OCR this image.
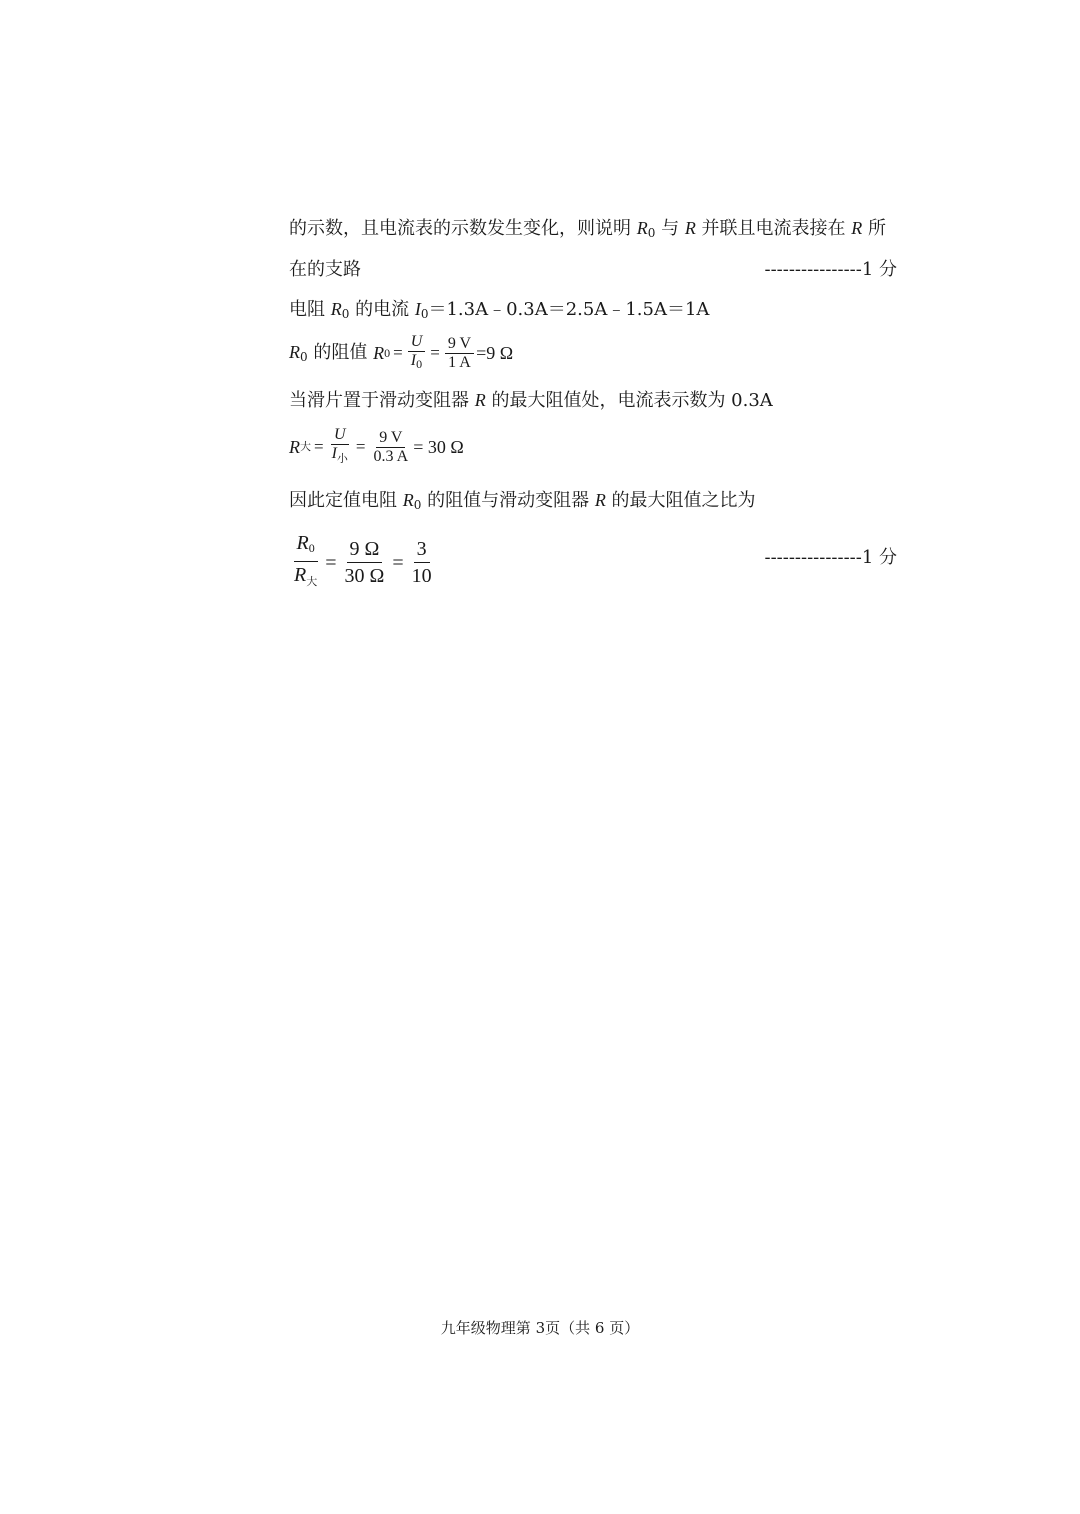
的示数，且电流表的示数发生变化，则说明 $R_0$ 与 R 并联且电流表接在 R 所
在的支路	----------------1 分
电阻 $R_0$ 的电流 $I_0=1.3A﹣0.3A=2.5A﹣1.5A=1A$
$R_0$ 的阻值 R $0 = \frac{U}{I_0} = \frac{9 V}{1 A} =9$ Ω
当滑片置于滑动变阻器 R 的最大阻值处，电流表示数为 0.3A
R 大 = $\frac{U}{I_小} = \frac{9 V}{0.3 A} = 30$ Ω
因此定值电阻 $R_0$ 的阻值与滑动变阻器 R 的最大阻值之比为
$\frac{R_0}{R_大} = \frac{9 \Omega}{30 \Omega} = \frac{3}{10}$	----------------1 分
九年级物理第 3页（共 6 页）
